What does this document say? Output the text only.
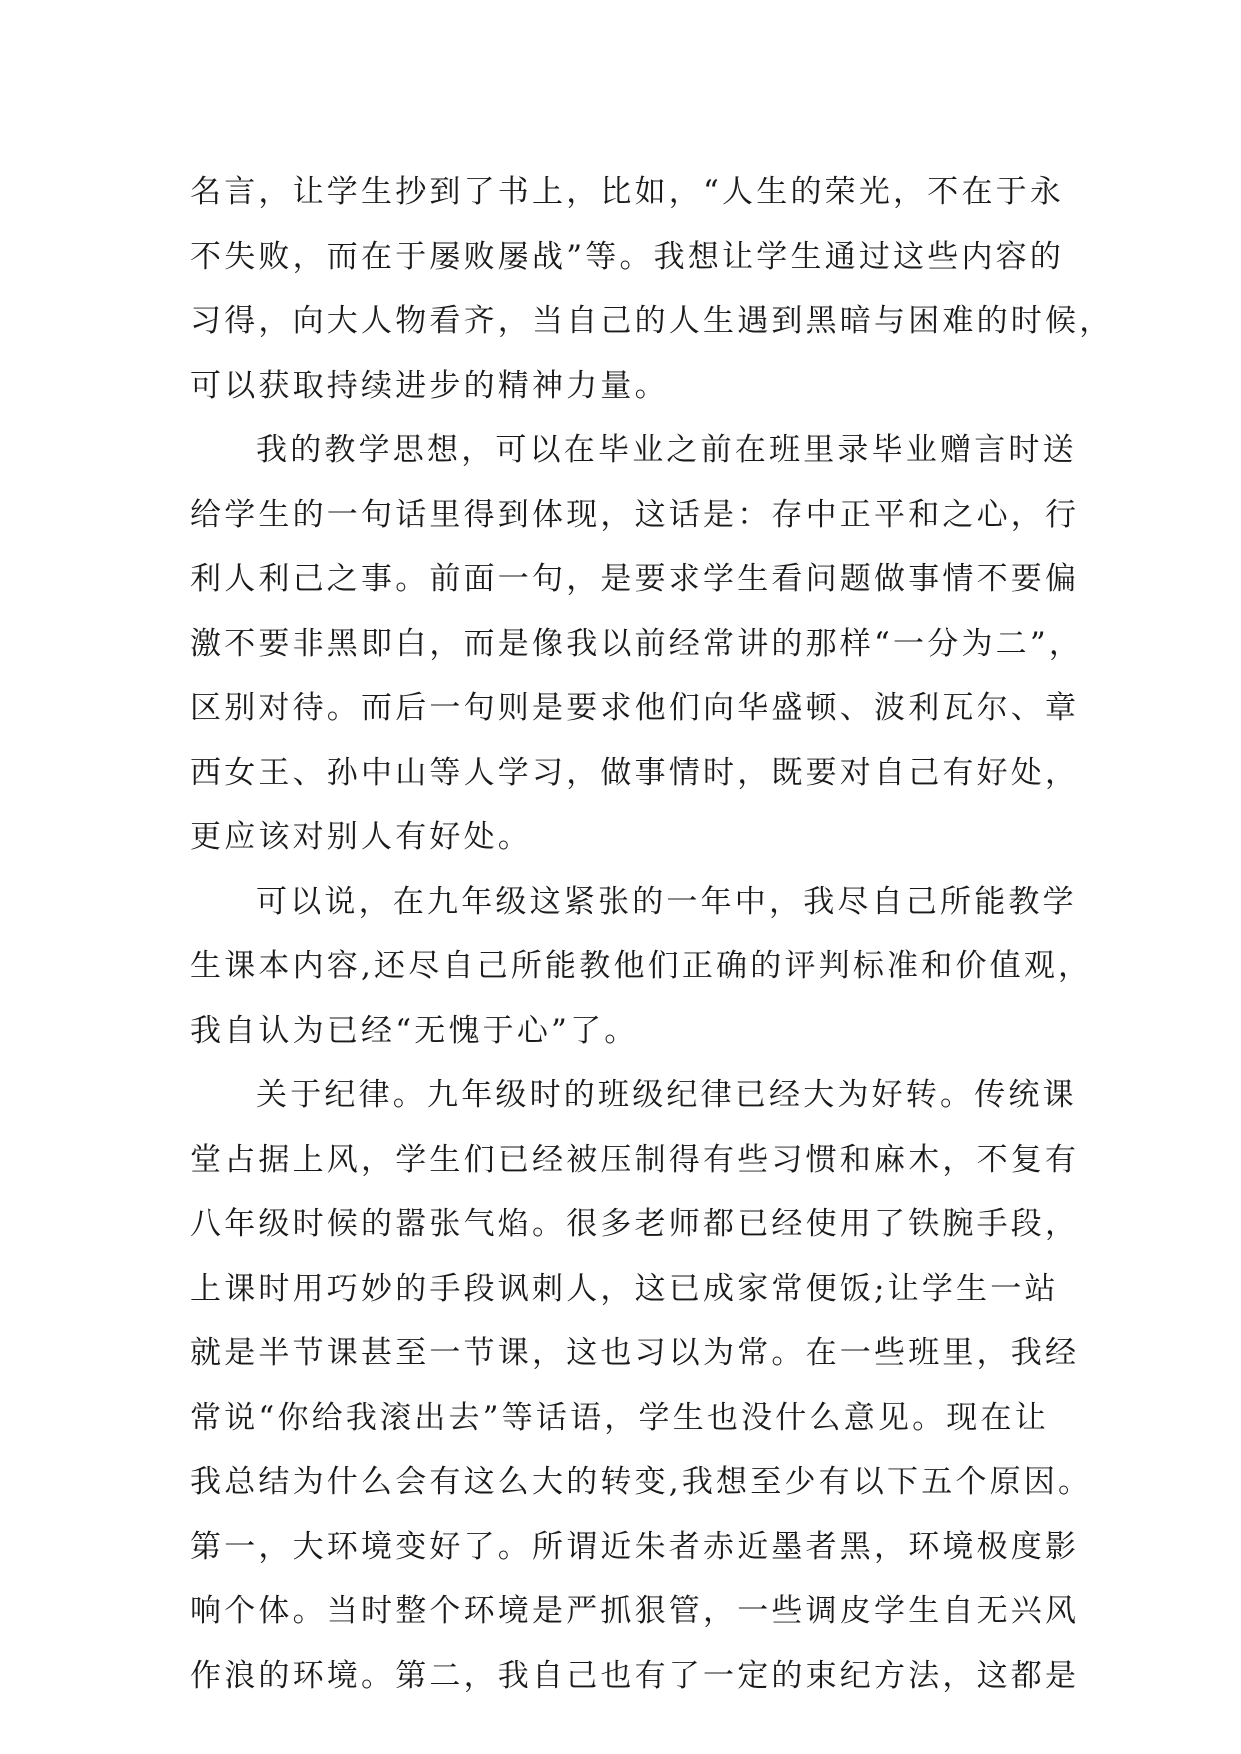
名言，让学生抄到了书上，比如，“人生的荣光，不在于永
不失败，而在于屡败屡战”等。我想让学生通过这些内容的
习得，向大人物看齐，当自己的人生遇到黑暗与困难的时候，
可以获取持续进步的精神力量。
我的教学思想，可以在毕业之前在班里录毕业赠言时送
给学生的一句话里得到体现，这话是：存中正平和之心，行
利人利己之事。前面一句，是要求学生看问题做事情不要偏
激不要非黑即白，而是像我以前经常讲的那样“一分为二”，
区别对待。而后一句则是要求他们向华盛顿、波利瓦尔、章
西女王、孙中山等人学习，做事情时，既要对自己有好处，
更应该对别人有好处。
可以说，在九年级这紧张的一年中，我尽自己所能教学
生课本内容,还尽自己所能教他们正确的评判标准和价值观，
我自认为已经“无愧于心”了。
关于纪律。九年级时的班级纪律已经大为好转。传统课
堂占据上风，学生们已经被压制得有些习惯和麻木，不复有
八年级时候的嚣张气焰。很多老师都已经使用了铁腕手段，
上课时用巧妙的手段讽刺人，这已成家常便饭;让学生一站
就是半节课甚至一节课，这也习以为常。在一些班里，我经
常说“你给我滚出去”等话语，学生也没什么意见。现在让
我总结为什么会有这么大的转变,我想至少有以下五个原因。
第一，大环境变好了。所谓近朱者赤近墨者黑，环境极度影
响个体。当时整个环境是严抓狠管，一些调皮学生自无兴风
作浪的环境。第二，我自己也有了一定的束纪方法，这都是
